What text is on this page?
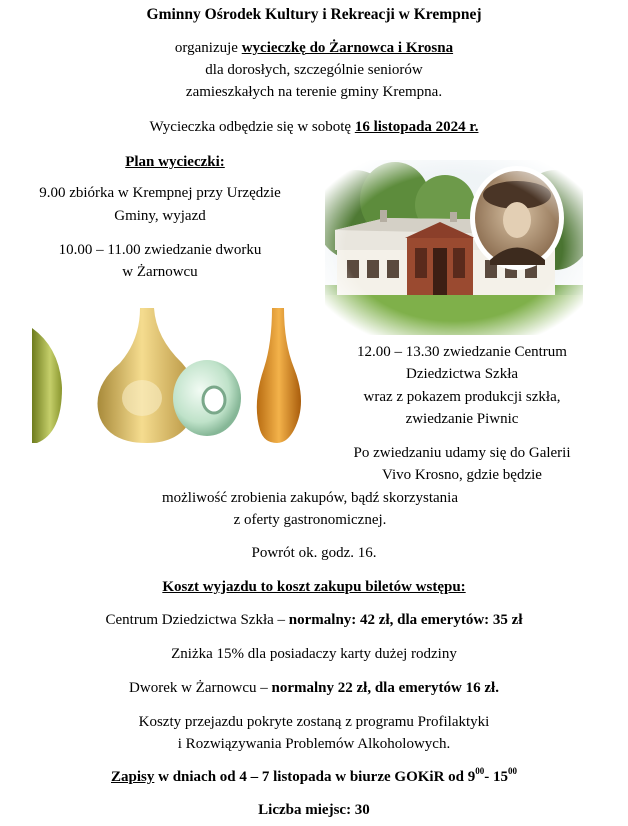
Gminny Ośrodek Kultury i Rekreacji w Krempnej
organizuje wycieczkę do Żarnowca i Krosna
dla dorosłych, szczególnie seniorów
zamieszkałych na terenie gminy Krempna.
Wycieczka odbędzie się w sobotę 16 listopada 2024 r.
Plan wycieczki:
9.00 zbiórka w Krempnej przy Urzędzie
Gminy, wyjazd
10.00 – 11.00 zwiedzanie dworku
w Żarnowcu
12.00 – 13.30 zwiedzanie Centrum
Dziedzictwa Szkła
wraz z pokazem produkcji szkła,
zwiedzanie Piwnic
Po zwiedzaniu udamy się do Galerii
Vivo Krosno, gdzie będzie
możliwość zrobienia zakupów, bądź skorzystania
z oferty gastronomicznej.
Powrót ok. godz. 16.
Koszt wyjazdu to koszt zakupu biletów wstępu:
Centrum Dziedzictwa Szkła – normalny: 42 zł, dla emerytów: 35 zł
Zniżka 15% dla posiadaczy karty dużej rodziny
Dworek w Żarnowcu – normalny 22 zł, dla emerytów 16 zł.
Koszty przejazdu pokryte zostaną z programu Profilaktyki
i Rozwiązywania Problemów Alkoholowych.
Zapisy w dniach od 4 – 7 listopada w biurze GOKiR od $9^{00}-$ $15^{00}$
Liczba miejsc: 30
